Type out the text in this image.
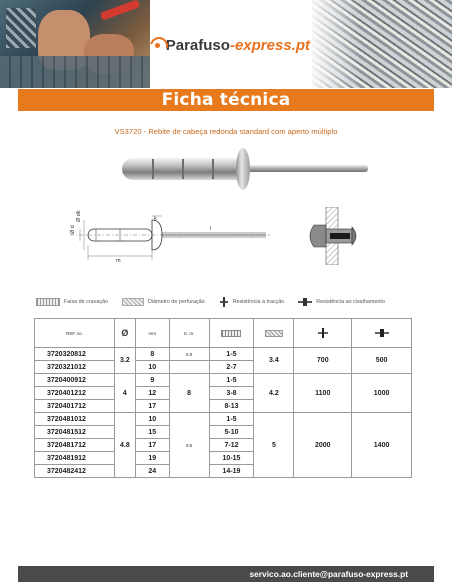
Parafuso-express.pt
Ficha técnica
VS3720 - Rebite de cabeça redonda standard com aperto múltiplo
Ø d
Ø dk	k
m
l
Faixa de cravação	Diâmetro de perfuração	Resistência à tracção	Resistência ao cisalhamento
REF no.	Ø	mm	S. m.				
3720320812	3.2	8	6.0	1-5	3.4	700	500
3720321012		10		2-7			
3720400912	4	9	8	1-5	4.2	1100	1000
3720401212		12		3-8			
3720401712		17		8-13			
3720481012	4.8	10	9.5	1-5	5	2000	1400
3720481512		15		5-10			
3720481712		17		7-12			
3720481912		19		10-15			
3720482412		24		14-19			
servico.ao.cliente@parafuso-express.pt
